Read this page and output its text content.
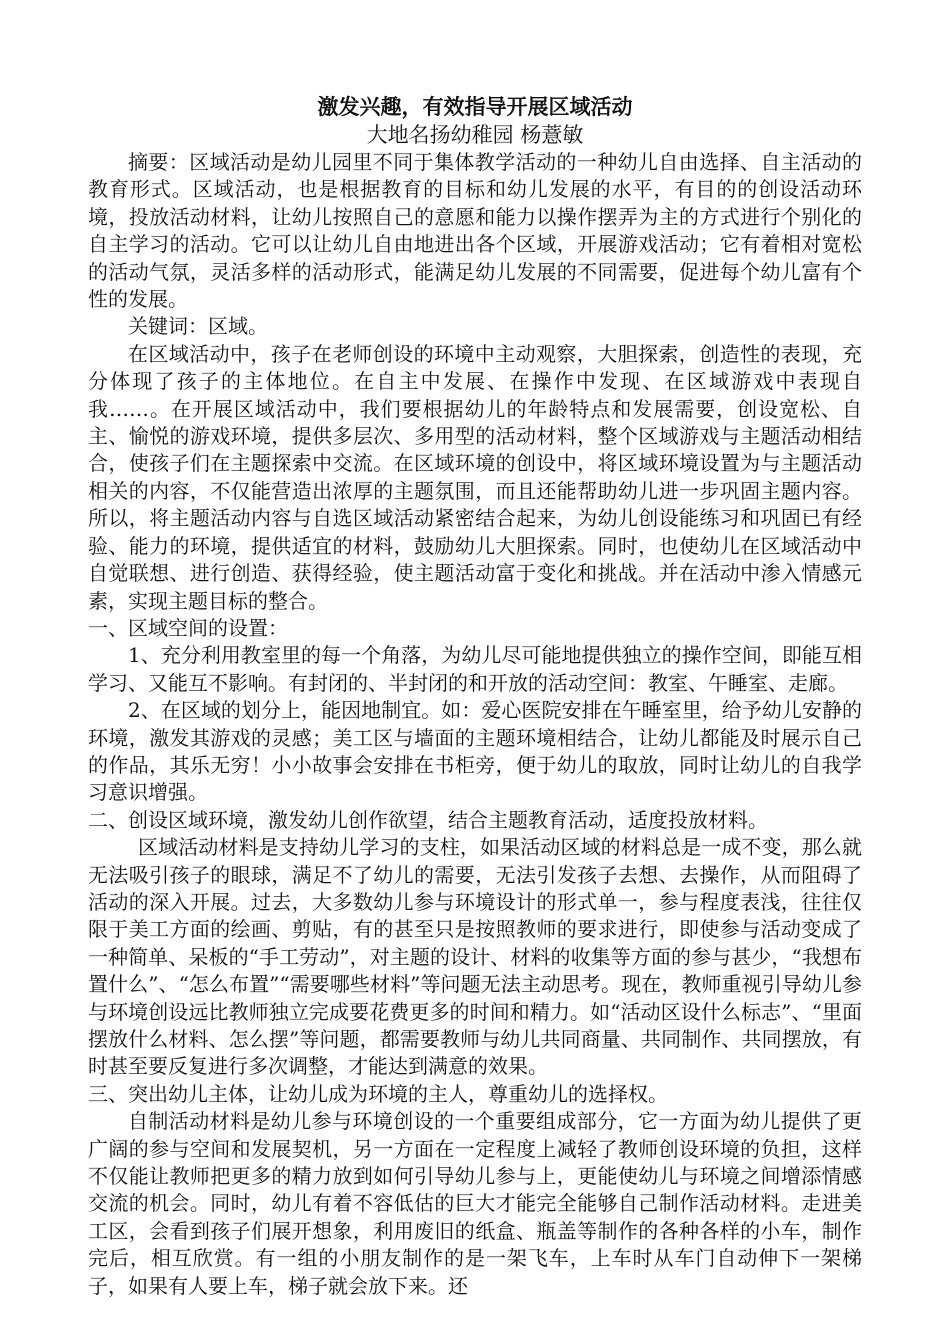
激发兴趣，有效指导开展区域活动

大地名扬幼稚园 杨薏敏

摘要：区域活动是幼儿园里不同于集体教学活动的一种幼儿自由选择、自主活动的教育形式。区域活动，也是根据教育的目标和幼儿发展的水平，有目的的创设活动环境，投放活动材料，让幼儿按照自己的意愿和能力以操作摆弄为主的方式进行个别化的自主学习的活动。它可以让幼儿自由地进出各个区域，开展游戏活动；它有着相对宽松的活动气氛，灵活多样的活动形式，能满足幼儿发展的不同需要，促进每个幼儿富有个性的发展。

关键词：区域。

在区域活动中，孩子在老师创设的环境中主动观察，大胆探索，创造性的表现，充分体现了孩子的主体地位。在自主中发展、在操作中发现、在区域游戏中表现自我……。在开展区域活动中，我们要根据幼儿的年龄特点和发展需要，创设宽松、自主、愉悦的游戏环境，提供多层次、多用型的活动材料，整个区域游戏与主题活动相结合，使孩子们在主题探索中交流。在区域环境的创设中，将区域环境设置为与主题活动相关的内容，不仅能营造出浓厚的主题氛围，而且还能帮助幼儿进一步巩固主题内容。所以，将主题活动内容与自选区域活动紧密结合起来，为幼儿创设能练习和巩固已有经验、能力的环境，提供适宜的材料，鼓励幼儿大胆探索。同时，也使幼儿在区域活动中自觉联想、进行创造、获得经验，使主题活动富于变化和挑战。并在活动中渗入情感元素，实现主题目标的整合。

一、区域空间的设置：

1、充分利用教室里的每一个角落，为幼儿尽可能地提供独立的操作空间，即能互相学习、又能互不影响。有封闭的、半封闭的和开放的活动空间：教室、午睡室、走廊。

2、在区域的划分上，能因地制宜。如：爱心医院安排在午睡室里，给予幼儿安静的环境，激发其游戏的灵感；美工区与墙面的主题环境相结合，让幼儿都能及时展示自己的作品，其乐无穷！小小故事会安排在书柜旁，便于幼儿的取放，同时让幼儿的自我学习意识增强。

二、创设区域环境，激发幼儿创作欲望，结合主题教育活动，适度投放材料。

区域活动材料是支持幼儿学习的支柱，如果活动区域的材料总是一成不变，那么就无法吸引孩子的眼球，满足不了幼儿的需要，无法引发孩子去想、去操作，从而阻碍了活动的深入开展。过去，大多数幼儿参与环境设计的形式单一，参与程度表浅，往往仅限于美工方面的绘画、剪贴，有的甚至只是按照教师的要求进行，即使参与活动变成了一种简单、呆板的“手工劳动”，对主题的设计、材料的收集等方面的参与甚少，“我想布置什么”、“怎么布置”“需要哪些材料”等问题无法主动思考。现在，教师重视引导幼儿参与环境创设远比教师独立完成要花费更多的时间和精力。如“活动区设什么标志”、“里面摆放什么材料、怎么摆”等问题，都需要教师与幼儿共同商量、共同制作、共同摆放，有时甚至要反复进行多次调整，才能达到满意的效果。

三、突出幼儿主体，让幼儿成为环境的主人，尊重幼儿的选择权。

自制活动材料是幼儿参与环境创设的一个重要组成部分，它一方面为幼儿提供了更广阔的参与空间和发展契机，另一方面在一定程度上减轻了教师创设环境的负担，这样不仅能让教师把更多的精力放到如何引导幼儿参与上，更能使幼儿与环境之间增添情感交流的机会。同时，幼儿有着不容低估的巨大才能完全能够自己制作活动材料。走进美工区，会看到孩子们展开想象，利用废旧的纸盒、瓶盖等制作的各种各样的小车，制作完后，相互欣赏。有一组的小朋友制作的是一架飞车，上车时从车门自动伸下一架梯子，如果有人要上车，梯子就会放下来。还
